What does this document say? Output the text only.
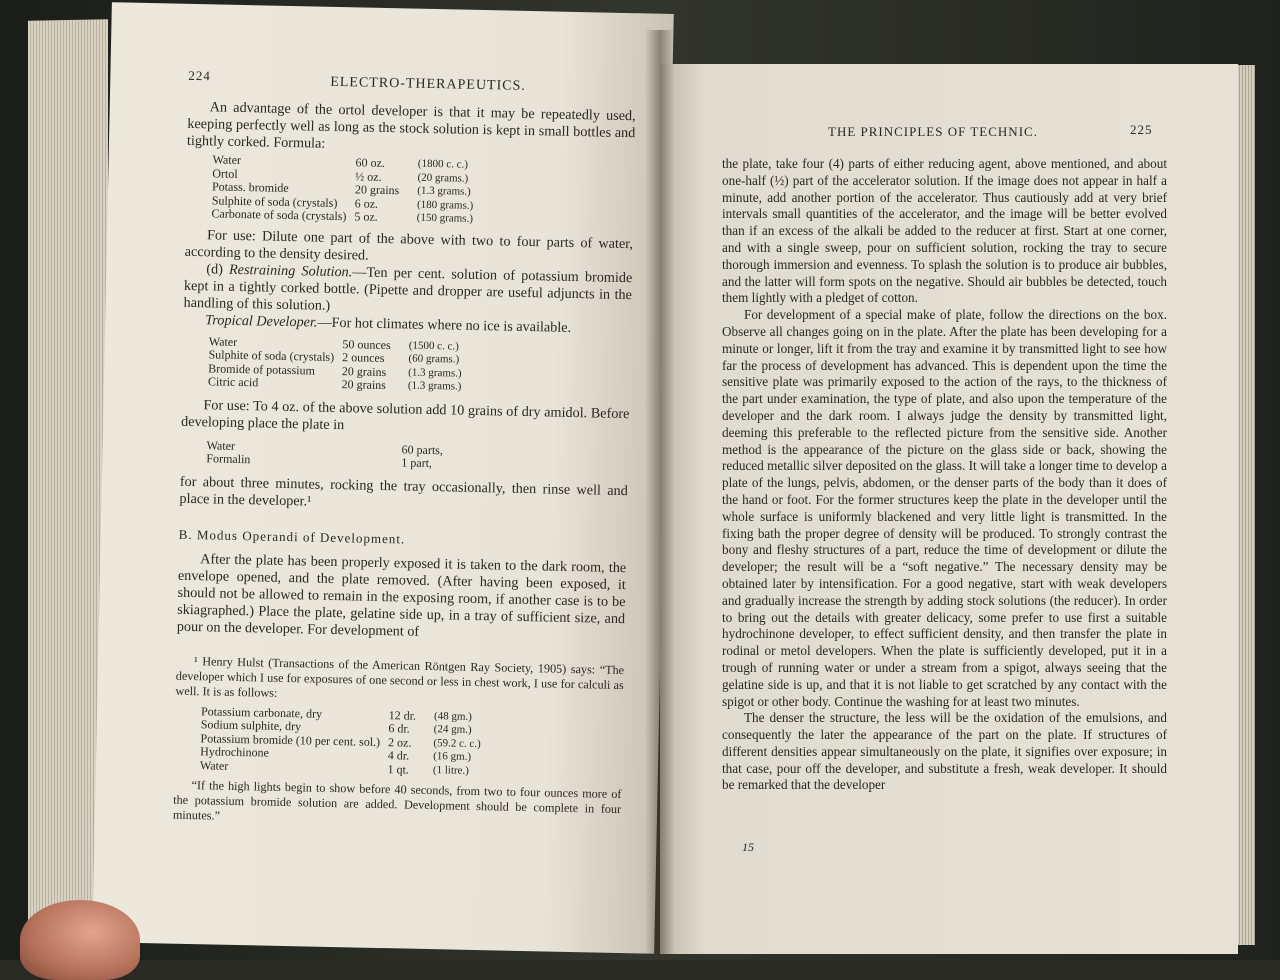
224	ELECTRO-THERAPEUTICS.

An advantage of the ortol developer is that it may be repeatedly used, keeping perfectly well as long as the stock solution is kept in small bottles and tightly corked. Formula:

Water	60 oz.	(1800 c. c.)
Ortol	½ oz.	(20 grams.)
Potass. bromide	20 grains	(1.3 grams.)
Sulphite of soda (crystals)	6 oz.	(180 grams.)
Carbonate of soda (crystals)	5 oz.	(150 grams.)

For use: Dilute one part of the above with two to four parts of water, according to the density desired.

(d) Restraining Solution.—Ten per cent. solution of potassium bromide kept in a tightly corked bottle. (Pipette and dropper are useful adjuncts in the handling of this solution.)

Tropical Developer.—For hot climates where no ice is available.

Water	50 ounces	(1500 c. c.)
Sulphite of soda (crystals)	2 ounces	(60 grams.)
Bromide of potassium	20 grains	(1.3 grams.)
Citric acid	20 grains	(1.3 grams.)

For use: To 4 oz. of the above solution add 10 grains of dry amidol. Before developing place the plate in

Water	60 parts,
Formalin	1 part,

for about three minutes, rocking the tray occasionally, then rinse well and place in the developer.¹

B. Modus Operandi of Development.

After the plate has been properly exposed it is taken to the dark room, the envelope opened, and the plate removed. (After having been exposed, it should not be allowed to remain in the exposing room, if another case is to be skiagraphed.) Place the plate, gelatine side up, in a tray of sufficient size, and pour on the developer. For development of

¹ Henry Hulst (Transactions of the American Röntgen Ray Society, 1905) says: “The developer which I use for exposures of one second or less in chest work, I use for calculi as well. It is as follows:

Potassium carbonate, dry	12 dr.	(48 gm.)
Sodium sulphite, dry	6 dr.	(24 gm.)
Potassium bromide (10 per cent. sol.)	2 oz.	(59.2 c. c.)
Hydrochinone	4 dr.	(16 gm.)
Water	1 qt.	(1 litre.)

“If the high lights begin to show before 40 seconds, from two to four ounces more of the potassium bromide solution are added. Development should be complete in four minutes.”

THE PRINCIPLES OF TECHNIC.	225

the plate, take four (4) parts of either reducing agent, above mentioned, and about one-half (½) part of the accelerator solution. If the image does not appear in half a minute, add another portion of the accelerator. Thus cautiously add at very brief intervals small quantities of the accelerator, and the image will be better evolved than if an excess of the alkali be added to the reducer at first. Start at one corner, and with a single sweep, pour on sufficient solution, rocking the tray to secure thorough immersion and evenness. To splash the solution is to produce air bubbles, and the latter will form spots on the negative. Should air bubbles be detected, touch them lightly with a pledget of cotton.

For development of a special make of plate, follow the directions on the box. Observe all changes going on in the plate. After the plate has been developing for a minute or longer, lift it from the tray and examine it by transmitted light to see how far the process of development has advanced. This is dependent upon the time the sensitive plate was primarily exposed to the action of the rays, to the thickness of the part under examination, the type of plate, and also upon the temperature of the developer and the dark room. I always judge the density by transmitted light, deeming this preferable to the reflected picture from the sensitive side. Another method is the appearance of the picture on the glass side or back, showing the reduced metallic silver deposited on the glass. It will take a longer time to develop a plate of the lungs, pelvis, abdomen, or the denser parts of the body than it does of the hand or foot. For the former structures keep the plate in the developer until the whole surface is uniformly blackened and very little light is transmitted. In the fixing bath the proper degree of density will be produced. To strongly contrast the bony and fleshy structures of a part, reduce the time of development or dilute the developer; the result will be a “soft negative.” The necessary density may be obtained later by intensification. For a good negative, start with weak developers and gradually increase the strength by adding stock solutions (the reducer). In order to bring out the details with greater delicacy, some prefer to use first a suitable hydrochinone developer, to effect sufficient density, and then transfer the plate in rodinal or metol developers. When the plate is sufficiently developed, put it in a trough of running water or under a stream from a spigot, always seeing that the gelatine side is up, and that it is not liable to get scratched by any contact with the spigot or other body. Continue the washing for at least two minutes.

The denser the structure, the less will be the oxidation of the emulsions, and consequently the later the appearance of the part on the plate. If structures of different densities appear simultaneously on the plate, it signifies over exposure; in that case, pour off the developer, and substitute a fresh, weak developer. It should be remarked that the developer

15
